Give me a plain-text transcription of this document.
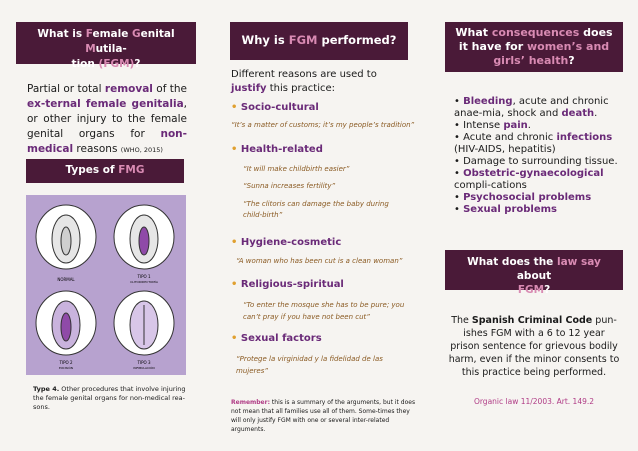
What is Female Genital Mutila-
tion (FGM)?

Partial or total removal of the ex-ternal female genitalia, or other injury to the female genital organs for non-medical reasons (WHO, 2015)

Types of FMG
NORMAL
TIPO 1
CLITORIDECTOMÍA
TIPO 2
EXCISIÓN
TIPO 3
INFIBULACIÓN

Type 4. Other procedures that involve injuring the female genital organs for non-medical rea-sons.

Why is FGM performed?

Different reasons are used to justify this practice:

• Socio-cultural
“It’s a matter of customs; it’s my people’s tradition”
• Health-related
“It will make childbirth easier”
“Sunna increases fertility”
“The clitoris can damage the baby during child-birth”
• Hygiene-cosmetic
“A woman who has been cut is a clean woman”
• Religious-spiritual
“To enter the mosque she has to be pure; you can’t pray if you have not been cut”
• Sexual factors
“Protege la virginidad y la fidelidad de las mujeres”

Remember: this is a summary of the arguments, but it does not mean that all families use all of them. Some-times they will only justify FGM with one or several inter-related arguments.

What consequences does it have for women’s and girls’ health?
• Bleeding, acute and chronic anae-mia, shock and death.
• Intense pain.
• Acute and chronic infections (HIV-AIDS, hepatitis)
• Damage to surrounding tissue.
• Obstetric-gynaecological compli-cations
• Psychosocial problems
• Sexual problems
What does the law say about
FGM?

The Spanish Criminal Code pun-ishes FGM with a 6 to 12 year prison sentence for grievous bodily harm, even if the minor consents to this practice being performed.

Organic law 11/2003. Art. 149.2
